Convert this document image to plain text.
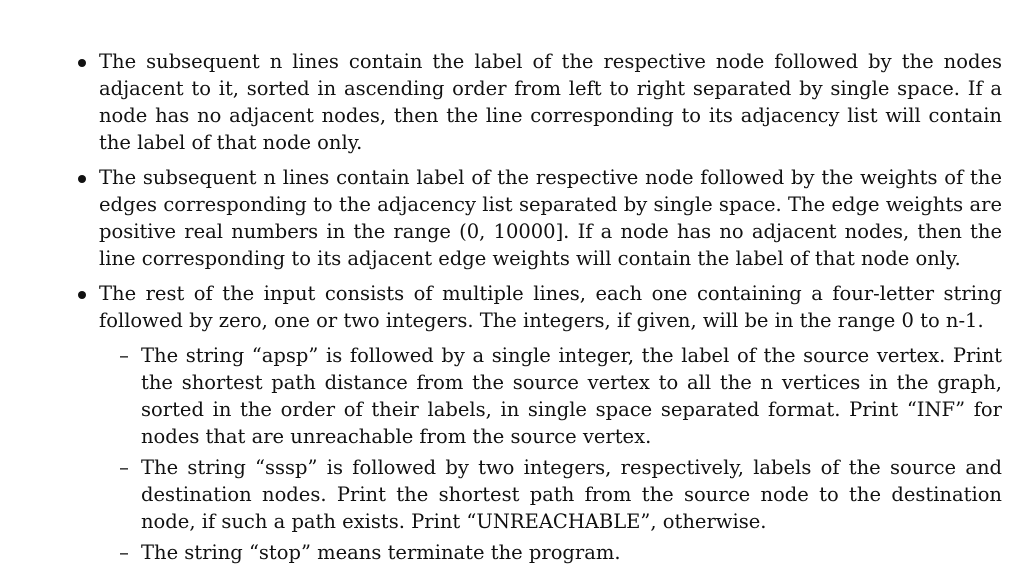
The subsequent ​n lines contain the label of the respective node followed by the nodes adjacent to it, sorted in ascending order from left to right separated by single space. If a node has no adjacent nodes, then the line corresponding to its adjacency list will contain the label of that node only.
The subsequent n lines contain label of the respective node followed by the weights of the edges corresponding to the adjacency list separated by single space. The edge weights are positive real numbers in the range (0, 10000]. If a node has no adjacent nodes, then the line corresponding to its adjacent edge weights will contain the label of that node only.
The rest of the input consists of multiple lines, each one containing a four-letter string followed by zero, one or two integers. The integers, if given, will be in the range 0 to n-1.
– The string “apsp” is followed by a single integer, the label of the source vertex. Print the shortest path distance from the source vertex to all the n vertices in the graph, sorted in the order of their labels, in single space separated format. Print “INF” for nodes that are unreachable from the source vertex.
– The string “sssp” is followed by two integers, respectively, labels of the source and destination nodes. Print the shortest path from the source node to the destination node, if such a path exists. Print “UNREACHABLE”, otherwise.
– The string “stop” means terminate the program.
